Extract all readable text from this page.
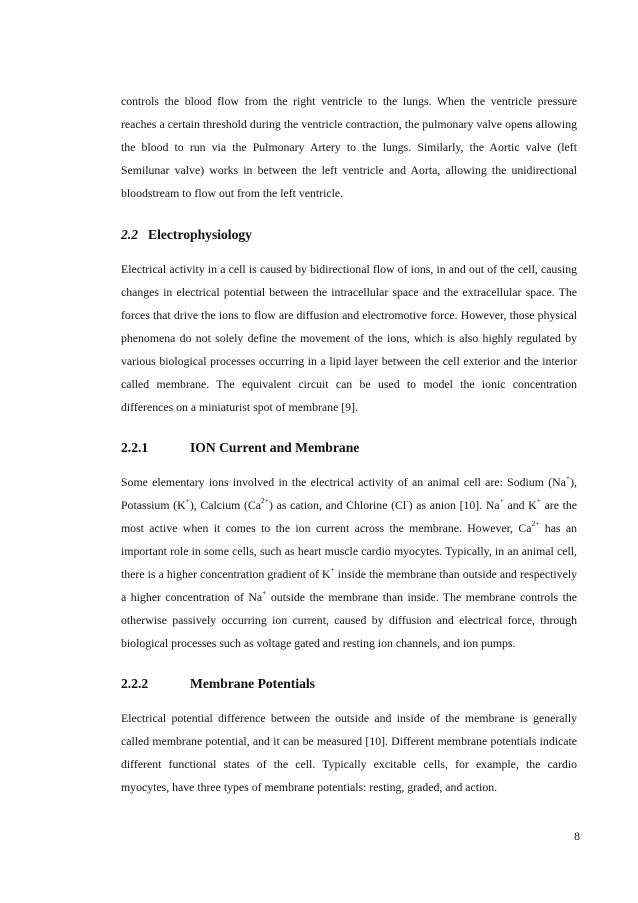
controls the blood flow from the right ventricle to the lungs. When the ventricle pressure reaches a certain threshold during the ventricle contraction, the pulmonary valve opens allowing the blood to run via the Pulmonary Artery to the lungs. Similarly, the Aortic valve (left Semilunar valve) works in between the left ventricle and Aorta, allowing the unidirectional bloodstream to flow out from the left ventricle.

2.2 Electrophysiology

Electrical activity in a cell is caused by bidirectional flow of ions, in and out of the cell, causing changes in electrical potential between the intracellular space and the extracellular space. The forces that drive the ions to flow are diffusion and electromotive force. However, those physical phenomena do not solely define the movement of the ions, which is also highly regulated by various biological processes occurring in a lipid layer between the cell exterior and the interior called membrane. The equivalent circuit can be used to model the ionic concentration differences on a miniaturist spot of membrane [9].

2.2.1	ION Current and Membrane

Some elementary ions involved in the electrical activity of an animal cell are: Sodium (Na+), Potassium (K+), Calcium $(Ca^{2+})$ as cation, and Chlorine (Cl-) as anion [10]. Na+ and K+ are the most active when it comes to the ion current across the membrane. However, $Ca^{2+}$ has an important role in some cells, such as heart muscle cardio myocytes. Typically, in an animal cell, there is a higher concentration gradient of K+ inside the membrane than outside and respectively a higher concentration of Na+ outside the membrane than inside. The membrane controls the otherwise passively occurring ion current, caused by diffusion and electrical force, through biological processes such as voltage gated and resting ion channels, and ion pumps.

2.2.2	Membrane Potentials

Electrical potential difference between the outside and inside of the membrane is generally called membrane potential, and it can be measured [10]. Different membrane potentials indicate different functional states of the cell. Typically excitable cells, for example, the cardio myocytes, have three types of membrane potentials: resting, graded, and action.

8
